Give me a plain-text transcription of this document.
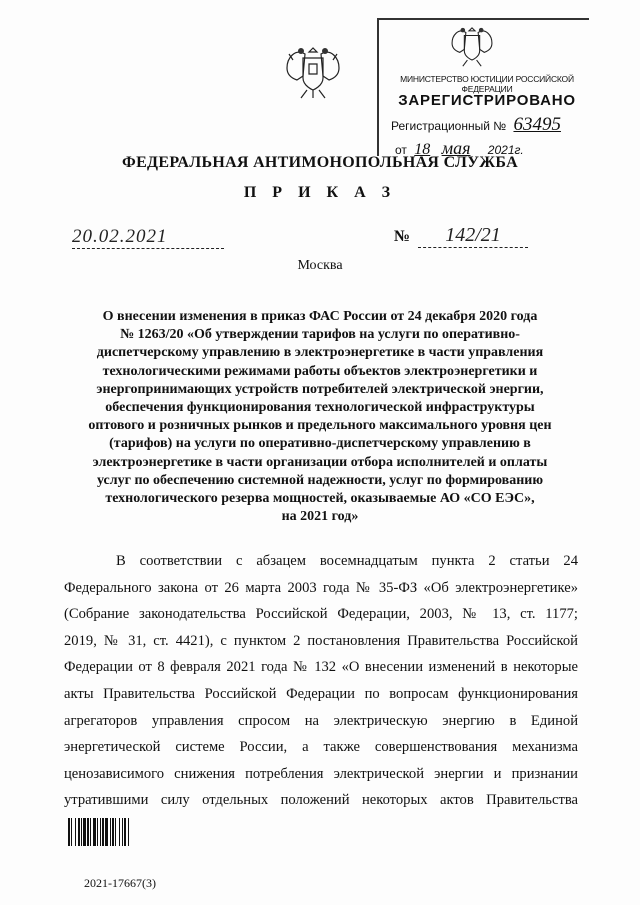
МИНИСТЕРСТВО ЮСТИЦИИ РОССИЙСКОЙ ФЕДЕРАЦИИ
ЗАРЕГИСТРИРОВАНО
Регистрационный № 63495
от 18 мая 2021г.
ФЕДЕРАЛЬНАЯ АНТИМОНОПОЛЬНАЯ СЛУЖБА
П Р И К А З
20.02.2021	№	142/21
Москва
О внесении изменения в приказ ФАС России от 24 декабря 2020 года
№ 1263/20 «Об утверждении тарифов на услуги по оперативно-
диспетчерскому управлению в электроэнергетике в части управления
технологическими режимами работы объектов электроэнергетики и
энергопринимающих устройств потребителей электрической энергии,
обеспечения функционирования технологической инфраструктуры
оптового и розничных рынков и предельного максимального уровня цен
(тарифов) на услуги по оперативно-диспетчерскому управлению в
электроэнергетике в части организации отбора исполнителей и оплаты
услуг по обеспечению системной надежности, услуг по формированию
технологического резерва мощностей, оказываемые АО «СО ЕЭС»,
на 2021 год»
В соответствии с абзацем восемнадцатым пункта 2 статьи 24
Федерального закона от 26 марта 2003 года № 35-ФЗ «Об электроэнергетике»
(Собрание законодательства Российской Федерации, 2003, № 13, ст. 1177;
2019, № 31, ст. 4421), с пунктом 2 постановления Правительства Российской
Федерации от 8 февраля 2021 года № 132 «О внесении изменений в некоторые
акты Правительства Российской Федерации по вопросам функционирования
агрегаторов управления спросом на электрическую энергию в Единой
энергетической системе России, а также совершенствования механизма
ценозависимого снижения потребления электрической энергии и признании
утратившими силу отдельных положений некоторых актов Правительства
2021-17667(3)
